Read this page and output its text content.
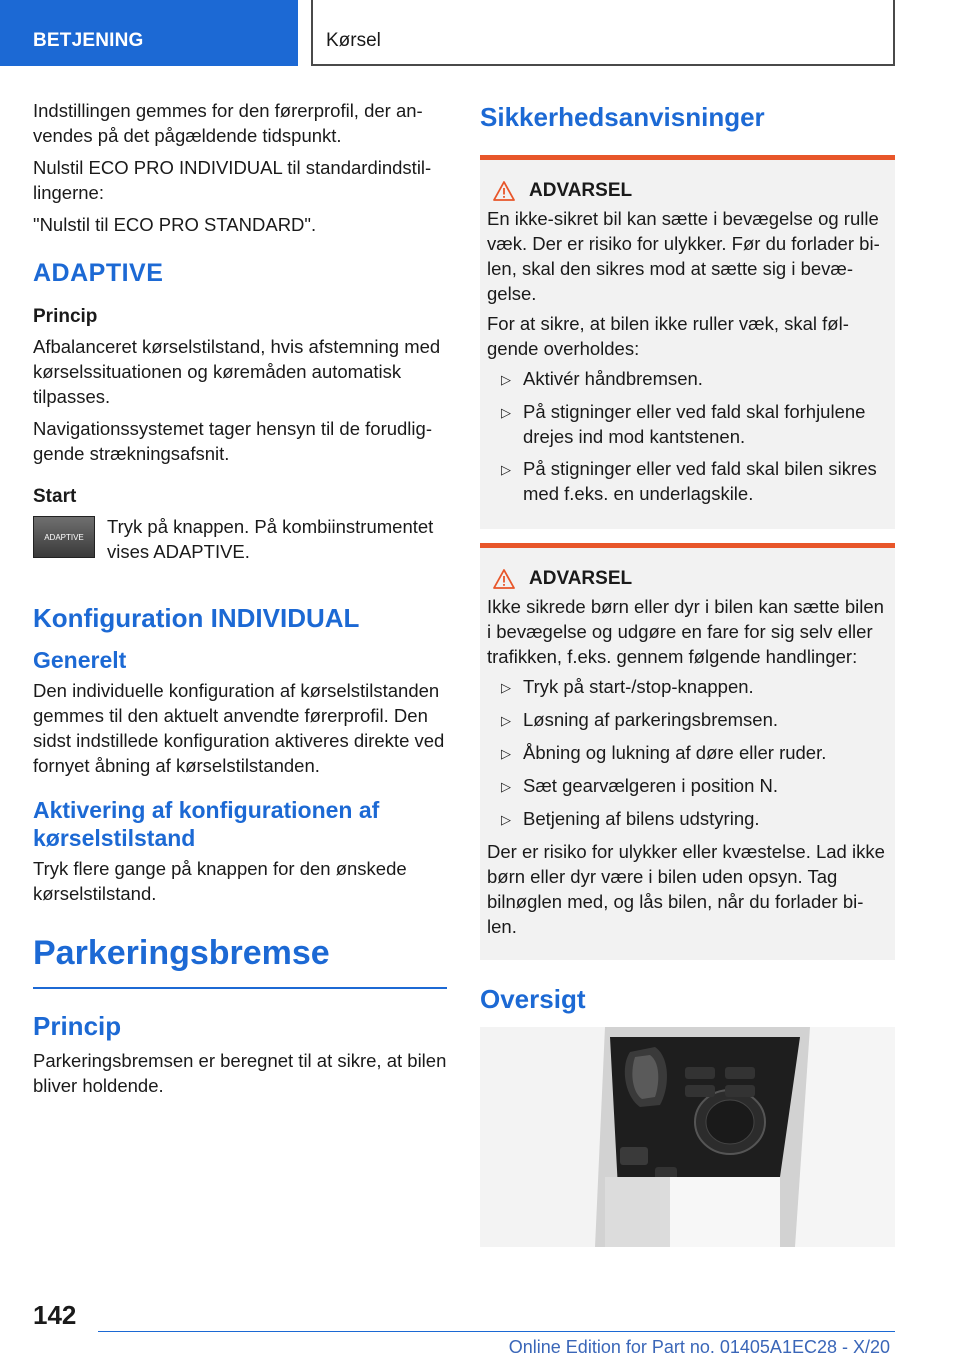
BETJENING	Kørsel

Indstillingen gemmes for den førerprofil, der anvendes på det pågældende tidspunkt.

Nulstil ECO PRO INDIVIDUAL til standardindstillingerne:

"Nulstil til ECO PRO STANDARD".

ADAPTIVE
Princip

Afbalanceret kørselstilstand, hvis afstemning med kørselssituationen og køremåden automatisk tilpasses.

Navigationssystemet tager hensyn til de forudliggende strækningsafsnit.

Start
ADAPTIVE	Tryk på knappen. På kombiinstrumentet vises ADAPTIVE.

Konfiguration INDIVIDUAL
Generelt

Den individuelle konfiguration af kørselstilstanden gemmes til den aktuelt anvendte førerprofil. Den sidst indstillede konfiguration aktiveres direkte ved fornyet åbning af kørselstilstanden.

Aktivering af konfigurationen af kørselstilstand

Tryk flere gange på knappen for den ønskede kørselstilstand.

Parkeringsbremse
Princip

Parkeringsbremsen er beregnet til at sikre, at bilen bliver holdende.

Sikkerhedsanvisninger
ADVARSEL

En ikke-sikret bil kan sætte i bevægelse og rulle væk. Der er risiko for ulykker. Før du forlader bilen, skal den sikres mod at sætte sig i bevægelse.

For at sikre, at bilen ikke ruller væk, skal følgende overholdes:

▷ Aktivér håndbremsen.
▷ På stigninger eller ved fald skal forhjulene drejes ind mod kantstenen.
▷ På stigninger eller ved fald skal bilen sikres med f.eks. en underlagskile.
ADVARSEL

Ikke sikrede børn eller dyr i bilen kan sætte bilen i bevægelse og udgøre en fare for sig selv eller trafikken, f.eks. gennem følgende handlinger:

▷ Tryk på start-/stop-knappen.
▷ Løsning af parkeringsbremsen.
▷ Åbning og lukning af døre eller ruder.
▷ Sæt gearvælgeren i position N.
▷ Betjening af bilens udstyring.

Der er risiko for ulykker eller kvæstelse. Lad ikke børn eller dyr være i bilen uden opsyn. Tag bilnøglen med, og lås bilen, når du forlader bilen.

Oversigt
142
Online Edition for Part no. 01405A1EC28 - X/20
